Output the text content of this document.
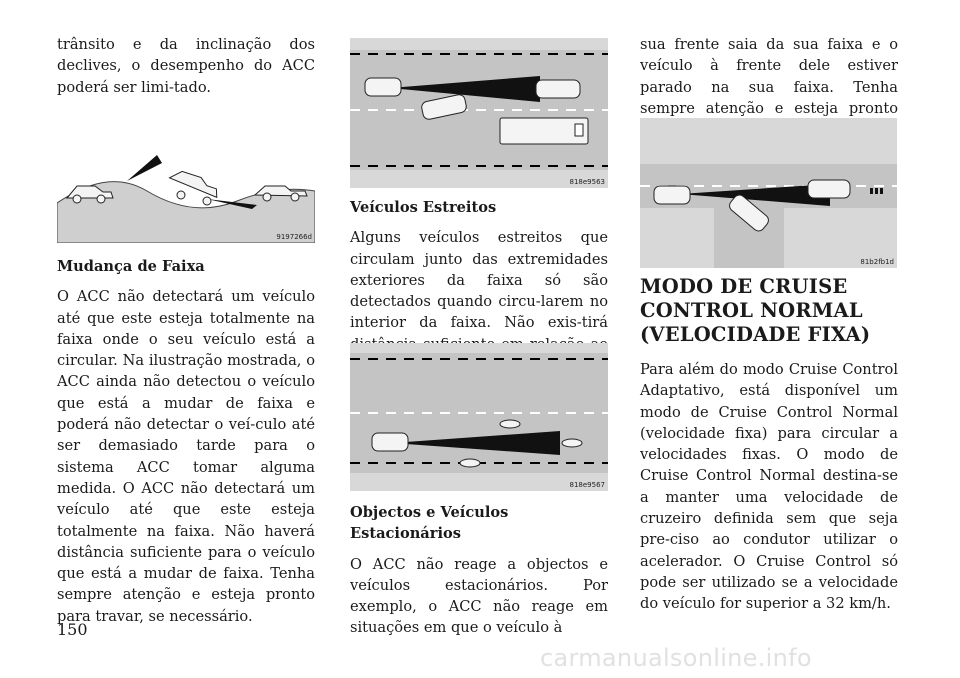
trânsito e da inclinação dos declives, o desempenho do ACC poderá ser limi-tado.

9197266d
Mudança de Faixa

O ACC não detectará um veículo até que este esteja totalmente na faixa onde o seu veículo está a circular. Na ilustração mostrada, o ACC ainda não detectou o veículo que está a mudar de faixa e poderá não detectar o veí-culo até ser demasiado tarde para o sistema ACC tomar alguma medida. O ACC não detectará um veículo até que este esteja totalmente na faixa. Não haverá distância suficiente para o veículo que está a mudar de faixa. Tenha sempre atenção e esteja pronto para travar, se necessário.

818e9563
Veículos Estreitos

Alguns veículos estreitos que circulam junto das extremidades exteriores da faixa só são detectados quando circu-larem no interior da faixa. Não exis-tirá

818e9567
Objectos e Veículos Estacionários

O ACC não reage a objectos e veículos estacionários. Por exemplo, o ACC não reage em situações em que o veículo à

sua frente saia da sua faixa e o veículo à frente dele estiver parado na sua faixa. Tenha sempre atenção e esteja pronto

81b2fb1d
MODO DE CRUISE CONTROL NORMAL (VELOCIDADE FIXA)

Para além do modo Cruise Control Adaptativo, está disponível um modo de Cruise Control Normal (velocidade fixa) para circular a velocidades fixas. O modo de Cruise Control Normal destina-se a manter uma velocidade de cruzeiro definida sem que seja pre-ciso ao condutor utilizar o acelerador. O Cruise Control só pode ser utilizado se a velocidade do veículo for superior a 32 km/h.

150
carmanualsonline.info
